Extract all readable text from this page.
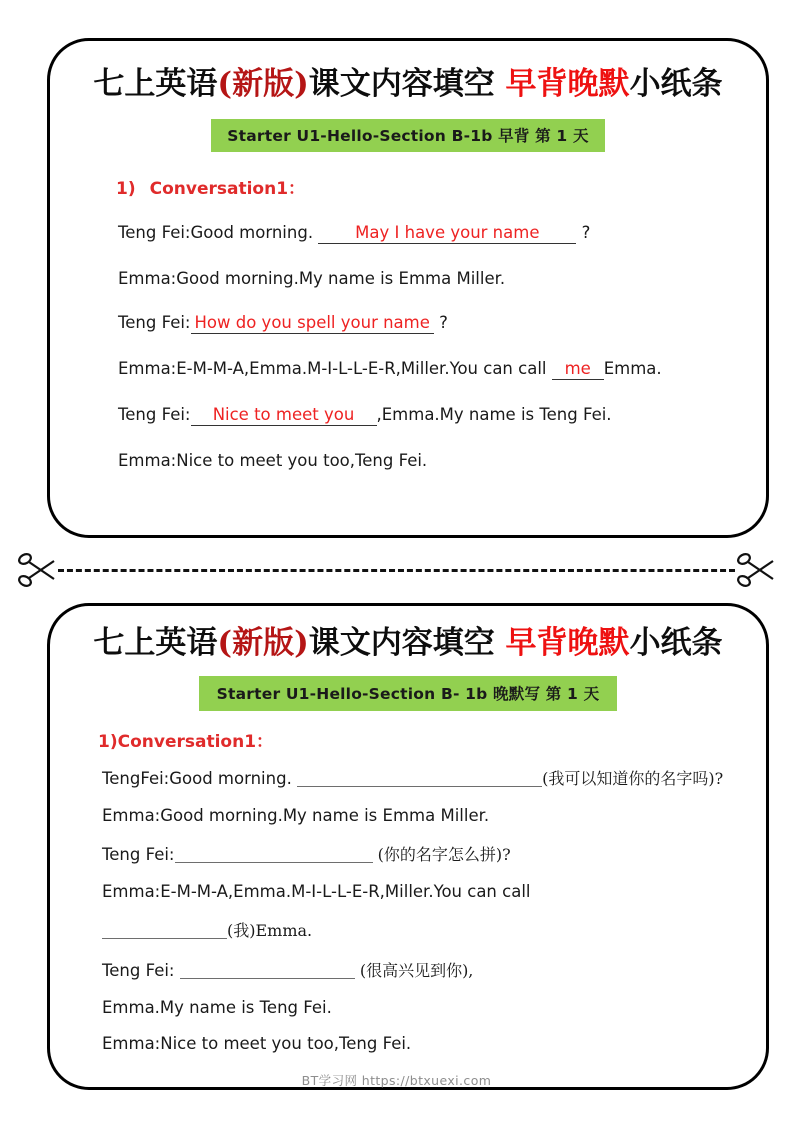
七上英语(新版)课文内容填空 早背晚默小纸条
Starter U1-Hello-Section B-1b 早背 第 1 天
1) Conversation1：
Teng Fei:Good morning.	May I have your name	?
Emma:Good morning.My name is Emma Miller.
Teng Fei: How do you spell your name ?
Emma:E-M-M-A,Emma.M-I-L-L-E-R,Miller.You can call me Emma.
Teng Fei: Nice to meet you ,Emma.My name is Teng Fei.
Emma:Nice to meet you too,Teng Fei.
七上英语(新版)课文内容填空 早背晚默小纸条
Starter U1-Hello-Section B- 1b 晚默写 第 1 天
1)Conversation1：
TengFei:Good morning.	(我可以知道你的名字吗)?
Emma:Good morning.My name is Emma Miller.
Teng Fei:	(你的名字怎么拼)?
Emma:E-M-M-A,Emma.M-I-L-L-E-R,Miller.You can call
(我)Emma.
Teng Fei:	(很高兴见到你),
Emma.My name is Teng Fei.
Emma:Nice to meet you too,Teng Fei.
BT学习网 https://btxuexi.com
